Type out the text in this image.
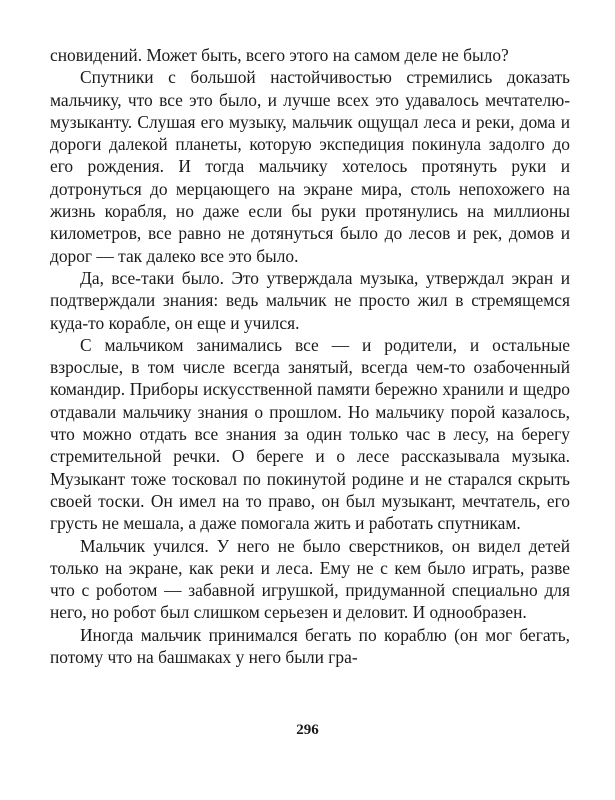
сновидений. Может быть, всего этого на самом деле не было?

Спутники с большой настойчивостью стремились доказать мальчику, что все это было, и лучше всех это удавалось мечтателю-музыканту. Слушая его музыку, мальчик ощущал леса и реки, дома и дороги далекой планеты, которую экспедиция покинула задолго до его рождения. И тогда мальчику хотелось протянуть руки и дотронуться до мерцающего на экране мира, столь непохожего на жизнь корабля, но даже если бы руки протянулись на миллионы километров, все равно не дотянуться было до лесов и рек, домов и дорог — так далеко все это было.

Да, все-таки было. Это утверждала музыка, утверждал экран и подтверждали знания: ведь мальчик не просто жил в стремящемся куда-то корабле, он еще и учился.

С мальчиком занимались все — и родители, и остальные взрослые, в том числе всегда занятый, всегда чем-то озабоченный командир. Приборы искусственной памяти бережно хранили и щедро отдавали мальчику знания о прошлом. Но мальчику порой казалось, что можно отдать все знания за один только час в лесу, на берегу стремительной речки. О береге и о лесе рассказывала музыка. Музыкант тоже тосковал по покинутой родине и не старался скрыть своей тоски. Он имел на то право, он был музыкант, мечтатель, его грусть не мешала, а даже помогала жить и работать спутникам.

Мальчик учился. У него не было сверстников, он видел детей только на экране, как реки и леса. Ему не с кем было играть, разве что с роботом — забавной игрушкой, придуманной специально для него, но робот был слишком серьезен и деловит. И однообразен.

Иногда мальчик принимался бегать по кораблю (он мог бегать, потому что на башмаках у него были гра-

296
